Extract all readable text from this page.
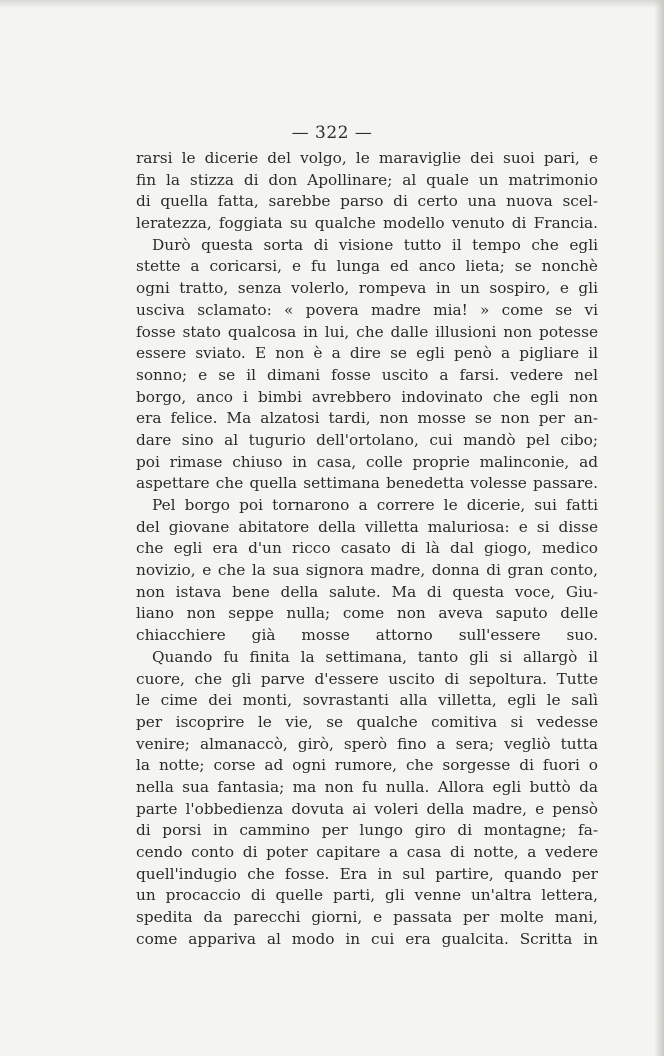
— 322 —
rarsi le dicerie del volgo, le maraviglie dei suoi pari, e
fin la stizza di don Apollinare; al quale un matrimonio
di quella fatta, sarebbe parso di certo una nuova scel-
leratezza, foggiata su qualche modello venuto di Francia.
Durò questa sorta di visione tutto il tempo che egli
stette a coricarsi, e fu lunga ed anco lieta; se nonchè
ogni tratto, senza volerlo, rompeva in un sospiro, e gli
usciva sclamato: « povera madre mia! » come se vi
fosse stato qualcosa in lui, che dalle illusioni non potesse
essere sviato. E non è a dire se egli penò a pigliare il
sonno; e se il dimani fosse uscito a farsi. vedere nel
borgo, anco i bimbi avrebbero indovinato che egli non
era felice. Ma alzatosi tardi, non mosse se non per an-
dare sino al tugurio dell'ortolano, cui mandò pel cibo;
poi rimase chiuso in casa, colle proprie malinconie, ad
aspettare che quella settimana benedetta volesse passare.
Pel borgo poi tornarono a correre le dicerie, sui fatti
del giovane abitatore della villetta maluriosa: e si disse
che egli era d'un ricco casato di là dal giogo, medico
novizio, e che la sua signora madre, donna di gran conto,
non istava bene della salute. Ma di questa voce, Giu-
liano non seppe nulla; come non aveva saputo delle
chiacchiere già mosse attorno sull'essere suo.
Quando fu finita la settimana, tanto gli si allargò il
cuore, che gli parve d'essere uscito di sepoltura. Tutte
le cime dei monti, sovrastanti alla villetta, egli le salì
per iscoprire le vie, se qualche comitiva si vedesse
venire; almanaccò, girò, sperò fino a sera; vegliò tutta
la notte; corse ad ogni rumore, che sorgesse di fuori o
nella sua fantasia; ma non fu nulla. Allora egli buttò da
parte l'obbedienza dovuta ai voleri della madre, e pensò
di porsi in cammino per lungo giro di montagne; fa-
cendo conto di poter capitare a casa di notte, a vedere
quell'indugio che fosse. Era in sul partire, quando per
un procaccio di quelle parti, gli venne un'altra lettera,
spedita da parecchi giorni, e passata per molte mani,
come appariva al modo in cui era gualcita. Scritta in
